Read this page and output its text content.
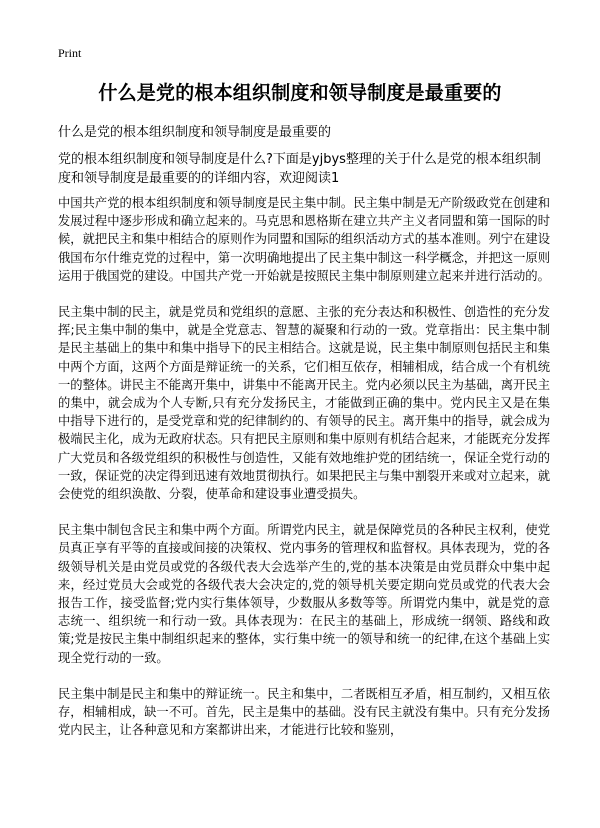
Print
什么是党的根本组织制度和领导制度是最重要的
什么是党的根本组织制度和领导制度是最重要的
党的根本组织制度和领导制度是什么?下面是yjbys整理的关于什么是党的根本组织制度和领导制度是最重要的的详细内容，欢迎阅读1

中国共产党的根本组织制度和领导制度是民主集中制。民主集中制是无产阶级政党在创建和发展过程中逐步形成和确立起来的。马克思和恩格斯在建立共产主义者同盟和第一国际的时候，就把民主和集中相结合的原则作为同盟和国际的组织活动方式的基本准则。列宁在建设俄国布尔什维克党的过程中，第一次明确地提出了民主集中制这一科学概念，并把这一原则运用于俄国党的建设。中国共产党一开始就是按照民主集中制原则建立起来并进行活动的。

民主集中制的民主，就是党员和党组织的意愿、主张的充分表达和积极性、创造性的充分发挥;民主集中制的集中，就是全党意志、智慧的凝聚和行动的一致。党章指出：民主集中制是民主基础上的集中和集中指导下的民主相结合。这就是说，民主集中制原则包括民主和集中两个方面，这两个方面是辩证统一的关系，它们相互依存，相辅相成，结合成一个有机统一的整体。讲民主不能离开集中，讲集中不能离开民主。党内必须以民主为基础，离开民主的集中，就会成为个人专断,只有充分发扬民主，才能做到正确的集中。党内民主又是在集中指导下进行的，是受党章和党的纪律制约的、有领导的民主。离开集中的指导，就会成为极端民主化，成为无政府状态。只有把民主原则和集中原则有机结合起来，才能既充分发挥广大党员和各级党组织的积极性与创造性，又能有效地维护党的团结统一，保证全党行动的一致，保证党的决定得到迅速有效地贯彻执行。如果把民主与集中割裂开来或对立起来，就会使党的组织涣散、分裂，使革命和建设事业遭受损失。

民主集中制包含民主和集中两个方面。所谓党内民主，就是保障党员的各种民主权利，使党员真正享有平等的直接或间接的决策权、党内事务的管理权和监督权。具体表现为，党的各级领导机关是由党员或党的各级代表大会选举产生的,党的基本决策是由党员群众中集中起来，经过党员大会或党的各级代表大会决定的,党的领导机关要定期向党员或党的代表大会报告工作，接受监督;党内实行集体领导，少数服从多数等等。所谓党内集中，就是党的意志统一、组织统一和行动一致。具体表现为：在民主的基础上，形成统一纲领、路线和政策;党是按民主集中制组织起来的整体，实行集中统一的领导和统一的纪律,在这个基础上实现全党行动的一致。

民主集中制是民主和集中的辩证统一。民主和集中，二者既相互矛盾，相互制约，又相互依存，相辅相成，缺一不可。首先，民主是集中的基础。没有民主就没有集中。只有充分发扬党内民主，让各种意见和方案都讲出来，才能进行比较和鉴别，
